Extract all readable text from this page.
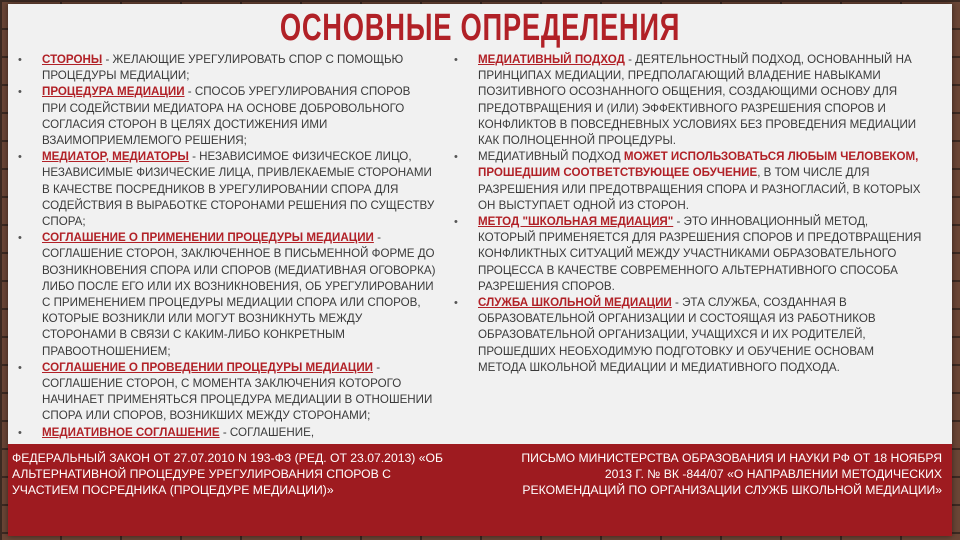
ОСНОВНЫЕ ОПРЕДЕЛЕНИЯ
• СТОРОНЫ - ЖЕЛАЮЩИЕ УРЕГУЛИРОВАТЬ СПОР С ПОМОЩЬЮ ПРОЦЕДУРЫ МЕДИАЦИИ;
• ПРОЦЕДУРА МЕДИАЦИИ - СПОСОБ УРЕГУЛИРОВАНИЯ СПОРОВ ПРИ СОДЕЙСТВИИ МЕДИАТОРА НА ОСНОВЕ ДОБРОВОЛЬНОГО СОГЛАСИЯ СТОРОН В ЦЕЛЯХ ДОСТИЖЕНИЯ ИМИ ВЗАИМОПРИЕМЛЕМОГО РЕШЕНИЯ;
• МЕДИАТОР, МЕДИАТОРЫ - НЕЗАВИСИМОЕ ФИЗИЧЕСКОЕ ЛИЦО, НЕЗАВИСИМЫЕ ФИЗИЧЕСКИЕ ЛИЦА, ПРИВЛЕКАЕМЫЕ СТОРОНАМИ В КАЧЕСТВЕ ПОСРЕДНИКОВ В УРЕГУЛИРОВАНИИ СПОРА ДЛЯ СОДЕЙСТВИЯ В ВЫРАБОТКЕ СТОРОНАМИ РЕШЕНИЯ ПО СУЩЕСТВУ СПОРА;
• СОГЛАШЕНИЕ О ПРИМЕНЕНИИ ПРОЦЕДУРЫ МЕДИАЦИИ - СОГЛАШЕНИЕ СТОРОН, ЗАКЛЮЧЕННОЕ В ПИСЬМЕННОЙ ФОРМЕ ДО ВОЗНИКНОВЕНИЯ СПОРА ИЛИ СПОРОВ (МЕДИАТИВНАЯ ОГОВОРКА) ЛИБО ПОСЛЕ ЕГО ИЛИ ИХ ВОЗНИКНОВЕНИЯ, ОБ УРЕГУЛИРОВАНИИ С ПРИМЕНЕНИЕМ ПРОЦЕДУРЫ МЕДИАЦИИ СПОРА ИЛИ СПОРОВ, КОТОРЫЕ ВОЗНИКЛИ ИЛИ МОГУТ ВОЗНИКНУТЬ МЕЖДУ СТОРОНАМИ В СВЯЗИ С КАКИМ-ЛИБО КОНКРЕТНЫМ ПРАВООТНОШЕНИЕМ;
• СОГЛАШЕНИЕ О ПРОВЕДЕНИИ ПРОЦЕДУРЫ МЕДИАЦИИ - СОГЛАШЕНИЕ СТОРОН, С МОМЕНТА ЗАКЛЮЧЕНИЯ КОТОРОГО НАЧИНАЕТ ПРИМЕНЯТЬСЯ ПРОЦЕДУРА МЕДИАЦИИ В ОТНОШЕНИИ СПОРА ИЛИ СПОРОВ, ВОЗНИКШИХ МЕЖДУ СТОРОНАМИ;
• МЕДИАТИВНОЕ СОГЛАШЕНИЕ - СОГЛАШЕНИЕ,
• МЕДИАТИВНЫЙ ПОДХОД - ДЕЯТЕЛЬНОСТНЫЙ ПОДХОД, ОСНОВАННЫЙ НА ПРИНЦИПАХ МЕДИАЦИИ, ПРЕДПОЛАГАЮЩИЙ ВЛАДЕНИЕ НАВЫКАМИ ПОЗИТИВНОГО ОСОЗНАННОГО ОБЩЕНИЯ, СОЗДАЮЩИМИ ОСНОВУ ДЛЯ ПРЕДОТВРАЩЕНИЯ И (ИЛИ) ЭФФЕКТИВНОГО РАЗРЕШЕНИЯ СПОРОВ И КОНФЛИКТОВ В ПОВСЕДНЕВНЫХ УСЛОВИЯХ БЕЗ ПРОВЕДЕНИЯ МЕДИАЦИИ КАК ПОЛНОЦЕННОЙ ПРОЦЕДУРЫ.
• МЕДИАТИВНЫЙ ПОДХОД МОЖЕТ ИСПОЛЬЗОВАТЬСЯ ЛЮБЫМ ЧЕЛОВЕКОМ, ПРОШЕДШИМ СООТВЕТСТВУЮЩЕЕ ОБУЧЕНИЕ, В ТОМ ЧИСЛЕ ДЛЯ РАЗРЕШЕНИЯ ИЛИ ПРЕДОТВРАЩЕНИЯ СПОРА И РАЗНОГЛАСИЙ, В КОТОРЫХ ОН ВЫСТУПАЕТ ОДНОЙ ИЗ СТОРОН.
• МЕТОД "ШКОЛЬНАЯ МЕДИАЦИЯ" - ЭТО ИННОВАЦИОННЫЙ МЕТОД, КОТОРЫЙ ПРИМЕНЯЕТСЯ ДЛЯ РАЗРЕШЕНИЯ СПОРОВ И ПРЕДОТВРАЩЕНИЯ КОНФЛИКТНЫХ СИТУАЦИЙ МЕЖДУ УЧАСТНИКАМИ ОБРАЗОВАТЕЛЬНОГО ПРОЦЕССА В КАЧЕСТВЕ СОВРЕМЕННОГО АЛЬТЕРНАТИВНОГО СПОСОБА РАЗРЕШЕНИЯ СПОРОВ.
• СЛУЖБА ШКОЛЬНОЙ МЕДИАЦИИ - ЭТА СЛУЖБА, СОЗДАННАЯ В ОБРАЗОВАТЕЛЬНОЙ ОРГАНИЗАЦИИ И СОСТОЯЩАЯ ИЗ РАБОТНИКОВ ОБРАЗОВАТЕЛЬНОЙ ОРГАНИЗАЦИИ, УЧАЩИХСЯ И ИХ РОДИТЕЛЕЙ, ПРОШЕДШИХ НЕОБХОДИМУЮ ПОДГОТОВКУ И ОБУЧЕНИЕ ОСНОВАМ МЕТОДА ШКОЛЬНОЙ МЕДИАЦИИ И МЕДИАТИВНОГО ПОДХОДА.
ФЕДЕРАЛЬНЫЙ ЗАКОН ОТ 27.07.2010 N 193-ФЗ (РЕД. ОТ 23.07.2013) «ОБ АЛЬТЕРНАТИВНОЙ ПРОЦЕДУРЕ УРЕГУЛИРОВАНИЯ СПОРОВ С УЧАСТИЕМ ПОСРЕДНИКА (ПРОЦЕДУРЕ МЕДИАЦИИ)»
ПИСЬМО МИНИСТЕРСТВА ОБРАЗОВАНИЯ И НАУКИ РФ ОТ 18 НОЯБРЯ 2013 Г. № ВК -844/07 «О НАПРАВЛЕНИИ МЕТОДИЧЕСКИХ РЕКОМЕНДАЦИЙ ПО ОРГАНИЗАЦИИ СЛУЖБ ШКОЛЬНОЙ МЕДИАЦИИ»
